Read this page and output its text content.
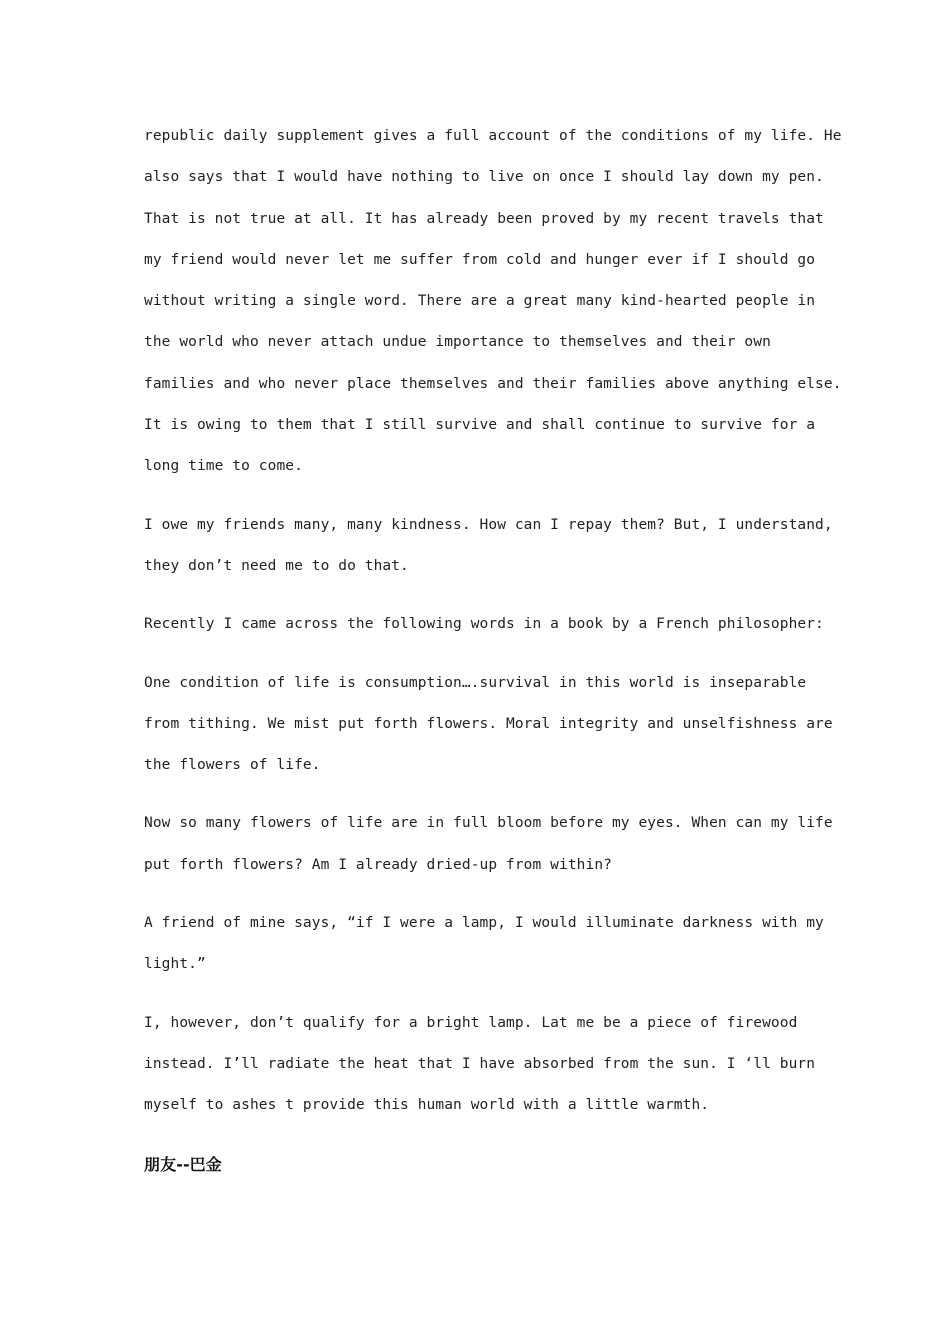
republic daily supplement gives a full account of the conditions of my life. He
also says that I would have nothing to live on once I should lay down my pen.
That is not true at all. It has already been proved by my recent travels that
my friend would never let me suffer from cold and hunger ever if I should go
without writing a single word. There are a great many kind-hearted people in
the world who never attach undue importance to themselves and their own
families and who never place themselves and their families above anything else.
It is owing to them that I still survive and shall continue to survive for a
long time to come.
I owe my friends many, many kindness. How can I repay them? But, I understand,
they don’t need me to do that.
Recently I came across the following words in a book by a French philosopher:
One condition of life is consumption….survival in this world is inseparable
from tithing. We mist put forth flowers. Moral integrity and unselfishness are
the flowers of life.
Now so many flowers of life are in full bloom before my eyes. When can my life
put forth flowers? Am I already dried-up from within?
A friend of mine says, “if I were a lamp, I would illuminate darkness with my
light.”
I, however, don’t qualify for a bright lamp. Lat me be a piece of firewood
instead. I’ll radiate the heat that I have absorbed from the sun. I ‘ll burn
myself to ashes t provide this human world with a little warmth.
朋友--巴金
